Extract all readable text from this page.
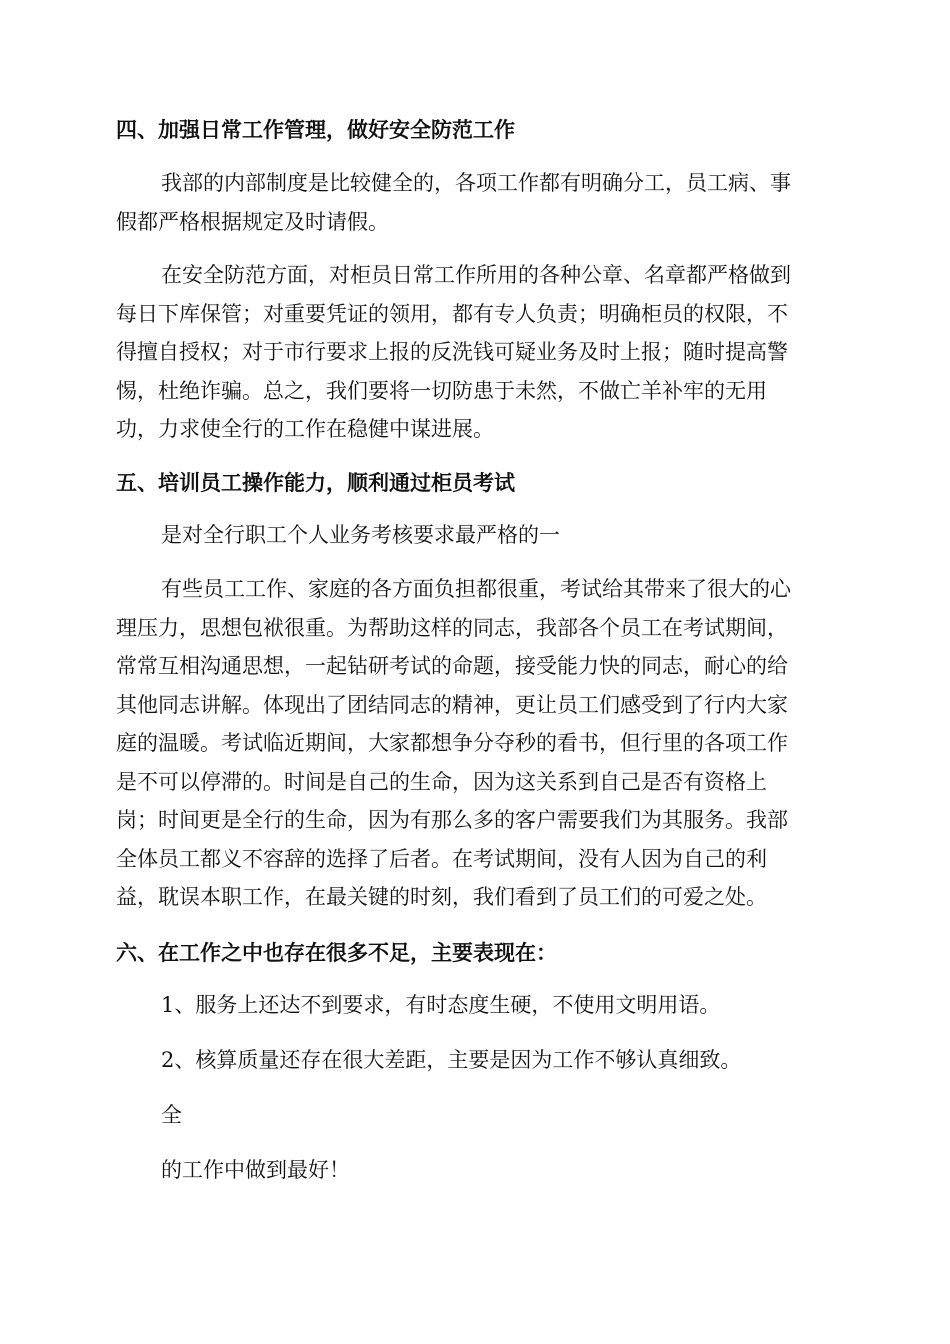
四、加强日常工作管理，做好安全防范工作
我部的内部制度是比较健全的，各项工作都有明确分工，员工病、事
假都严格根据规定及时请假。
在安全防范方面，对柜员日常工作所用的各种公章、名章都严格做到
每日下库保管；对重要凭证的领用，都有专人负责；明确柜员的权限，不
得擅自授权；对于市行要求上报的反洗钱可疑业务及时上报；随时提高警
惕，杜绝诈骗。总之，我们要将一切防患于未然，不做亡羊补牢的无用
功，力求使全行的工作在稳健中谋进展。
五、培训员工操作能力，顺利通过柜员考试
是对全行职工个人业务考核要求最严格的一
有些员工工作、家庭的各方面负担都很重，考试给其带来了很大的心
理压力，思想包袱很重。为帮助这样的同志，我部各个员工在考试期间，
常常互相沟通思想，一起钻研考试的命题，接受能力快的同志，耐心的给
其他同志讲解。体现出了团结同志的精神，更让员工们感受到了行内大家
庭的温暖。考试临近期间，大家都想争分夺秒的看书，但行里的各项工作
是不可以停滞的。时间是自己的生命，因为这关系到自己是否有资格上
岗；时间更是全行的生命，因为有那么多的客户需要我们为其服务。我部
全体员工都义不容辞的选择了后者。在考试期间，没有人因为自己的利
益，耽误本职工作，在最关键的时刻，我们看到了员工们的可爱之处。
六、在工作之中也存在很多不足，主要表现在：
1、服务上还达不到要求，有时态度生硬，不使用文明用语。
2、核算质量还存在很大差距，主要是因为工作不够认真细致。
全
的工作中做到最好！
